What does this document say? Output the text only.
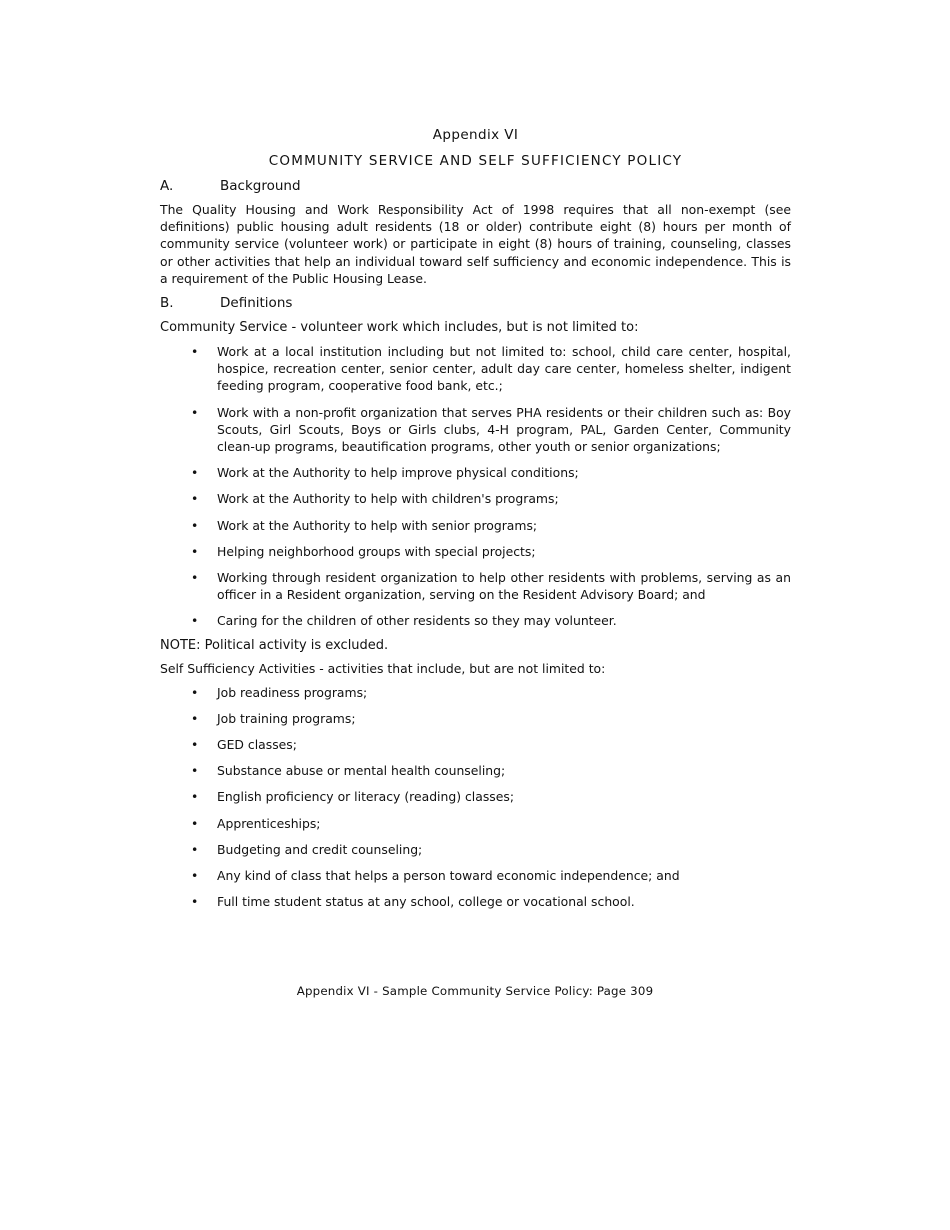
Appendix VI

COMMUNITY SERVICE AND SELF SUFFICIENCY POLICY

A.	Background

The Quality Housing and Work Responsibility Act of 1998 requires that all non-exempt (see definitions) public housing adult residents (18 or older) contribute eight (8) hours per month of community service (volunteer work) or participate in eight (8) hours of training, counseling, classes or other activities that help an individual toward self sufficiency and economic independence. This is a requirement of the Public Housing Lease.

B.	Definitions

Community Service - volunteer work which includes, but is not limited to:

• Work at a local institution including but not limited to: school, child care center, hospital, hospice, recreation center, senior center, adult day care center, homeless shelter, indigent feeding program, cooperative food bank, etc.;
• Work with a non-profit organization that serves PHA residents or their children such as: Boy Scouts, Girl Scouts, Boys or Girls clubs, 4-H program, PAL, Garden Center, Community clean-up programs, beautification programs, other youth or senior organizations;
• Work at the Authority to help improve physical conditions;
• Work at the Authority to help with children's programs;
• Work at the Authority to help with senior programs;
• Helping neighborhood groups with special projects;
• Working through resident organization to help other residents with problems, serving as an officer in a Resident organization, serving on the Resident Advisory Board; and
• Caring for the children of other residents so they may volunteer.

NOTE: Political activity is excluded.

Self Sufficiency Activities - activities that include, but are not limited to:

• Job readiness programs;
• Job training programs;
• GED classes;
• Substance abuse or mental health counseling;
• English proficiency or literacy (reading) classes;
• Apprenticeships;
• Budgeting and credit counseling;
• Any kind of class that helps a person toward economic independence; and
• Full time student status at any school, college or vocational school.
Appendix VI - Sample Community Service Policy: Page 309
